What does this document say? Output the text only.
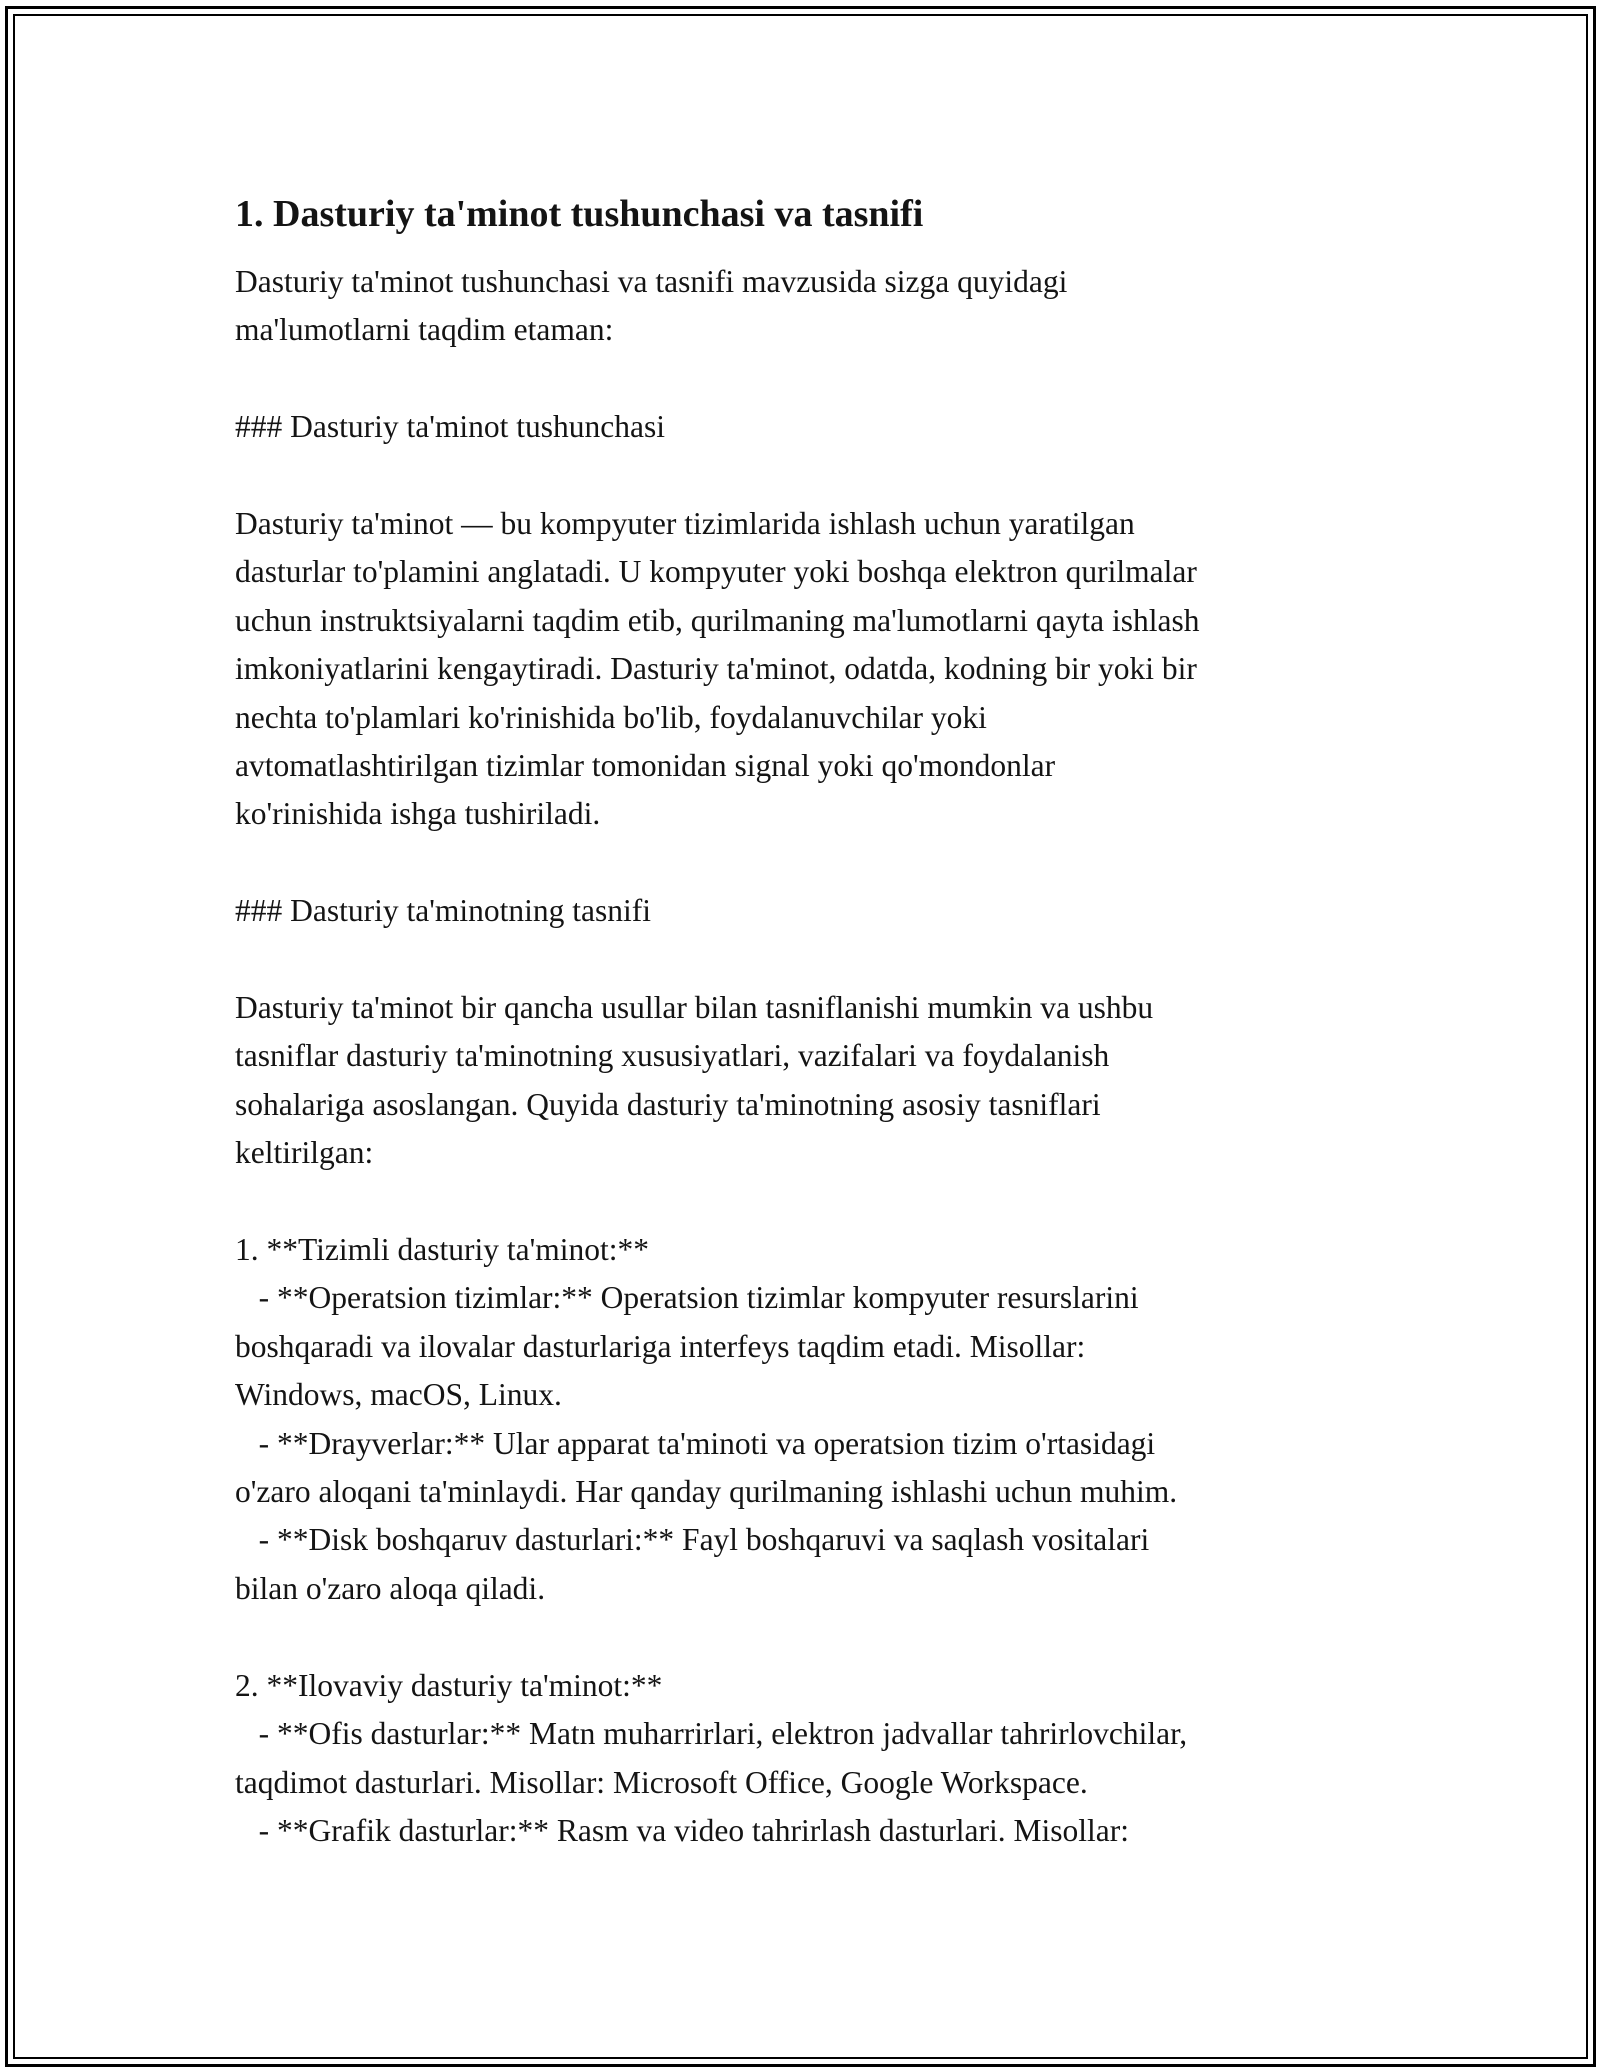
1. Dasturiy ta'minot tushunchasi va tasnifi
Dasturiy ta'minot tushunchasi va tasnifi mavzusida sizga quyidagi
ma'lumotlarni taqdim etaman:
### Dasturiy ta'minot tushunchasi
Dasturiy ta'minot — bu kompyuter tizimlarida ishlash uchun yaratilgan
dasturlar to'plamini anglatadi. U kompyuter yoki boshqa elektron qurilmalar
uchun instruktsiyalarni taqdim etib, qurilmaning ma'lumotlarni qayta ishlash
imkoniyatlarini kengaytiradi. Dasturiy ta'minot, odatda, kodning bir yoki bir
nechta to'plamlari ko'rinishida bo'lib, foydalanuvchilar yoki
avtomatlashtirilgan tizimlar tomonidan signal yoki qo'mondonlar
ko'rinishida ishga tushiriladi.
### Dasturiy ta'minotning tasnifi
Dasturiy ta'minot bir qancha usullar bilan tasniflanishi mumkin va ushbu
tasniflar dasturiy ta'minotning xususiyatlari, vazifalari va foydalanish
sohalariga asoslangan. Quyida dasturiy ta'minotning asosiy tasniflari
keltirilgan:
1. **Tizimli dasturiy ta'minot:**
- **Operatsion tizimlar:** Operatsion tizimlar kompyuter resurslarini
boshqaradi va ilovalar dasturlariga interfeys taqdim etadi. Misollar:
Windows, macOS, Linux.
- **Drayverlar:** Ular apparat ta'minoti va operatsion tizim o'rtasidagi
o'zaro aloqani ta'minlaydi. Har qanday qurilmaning ishlashi uchun muhim.
- **Disk boshqaruv dasturlari:** Fayl boshqaruvi va saqlash vositalari
bilan o'zaro aloqa qiladi.
2. **Ilovaviy dasturiy ta'minot:**
- **Ofis dasturlar:** Matn muharrirlari, elektron jadvallar tahrirlovchilar,
taqdimot dasturlari. Misollar: Microsoft Office, Google Workspace.
- **Grafik dasturlar:** Rasm va video tahrirlash dasturlari. Misollar:
